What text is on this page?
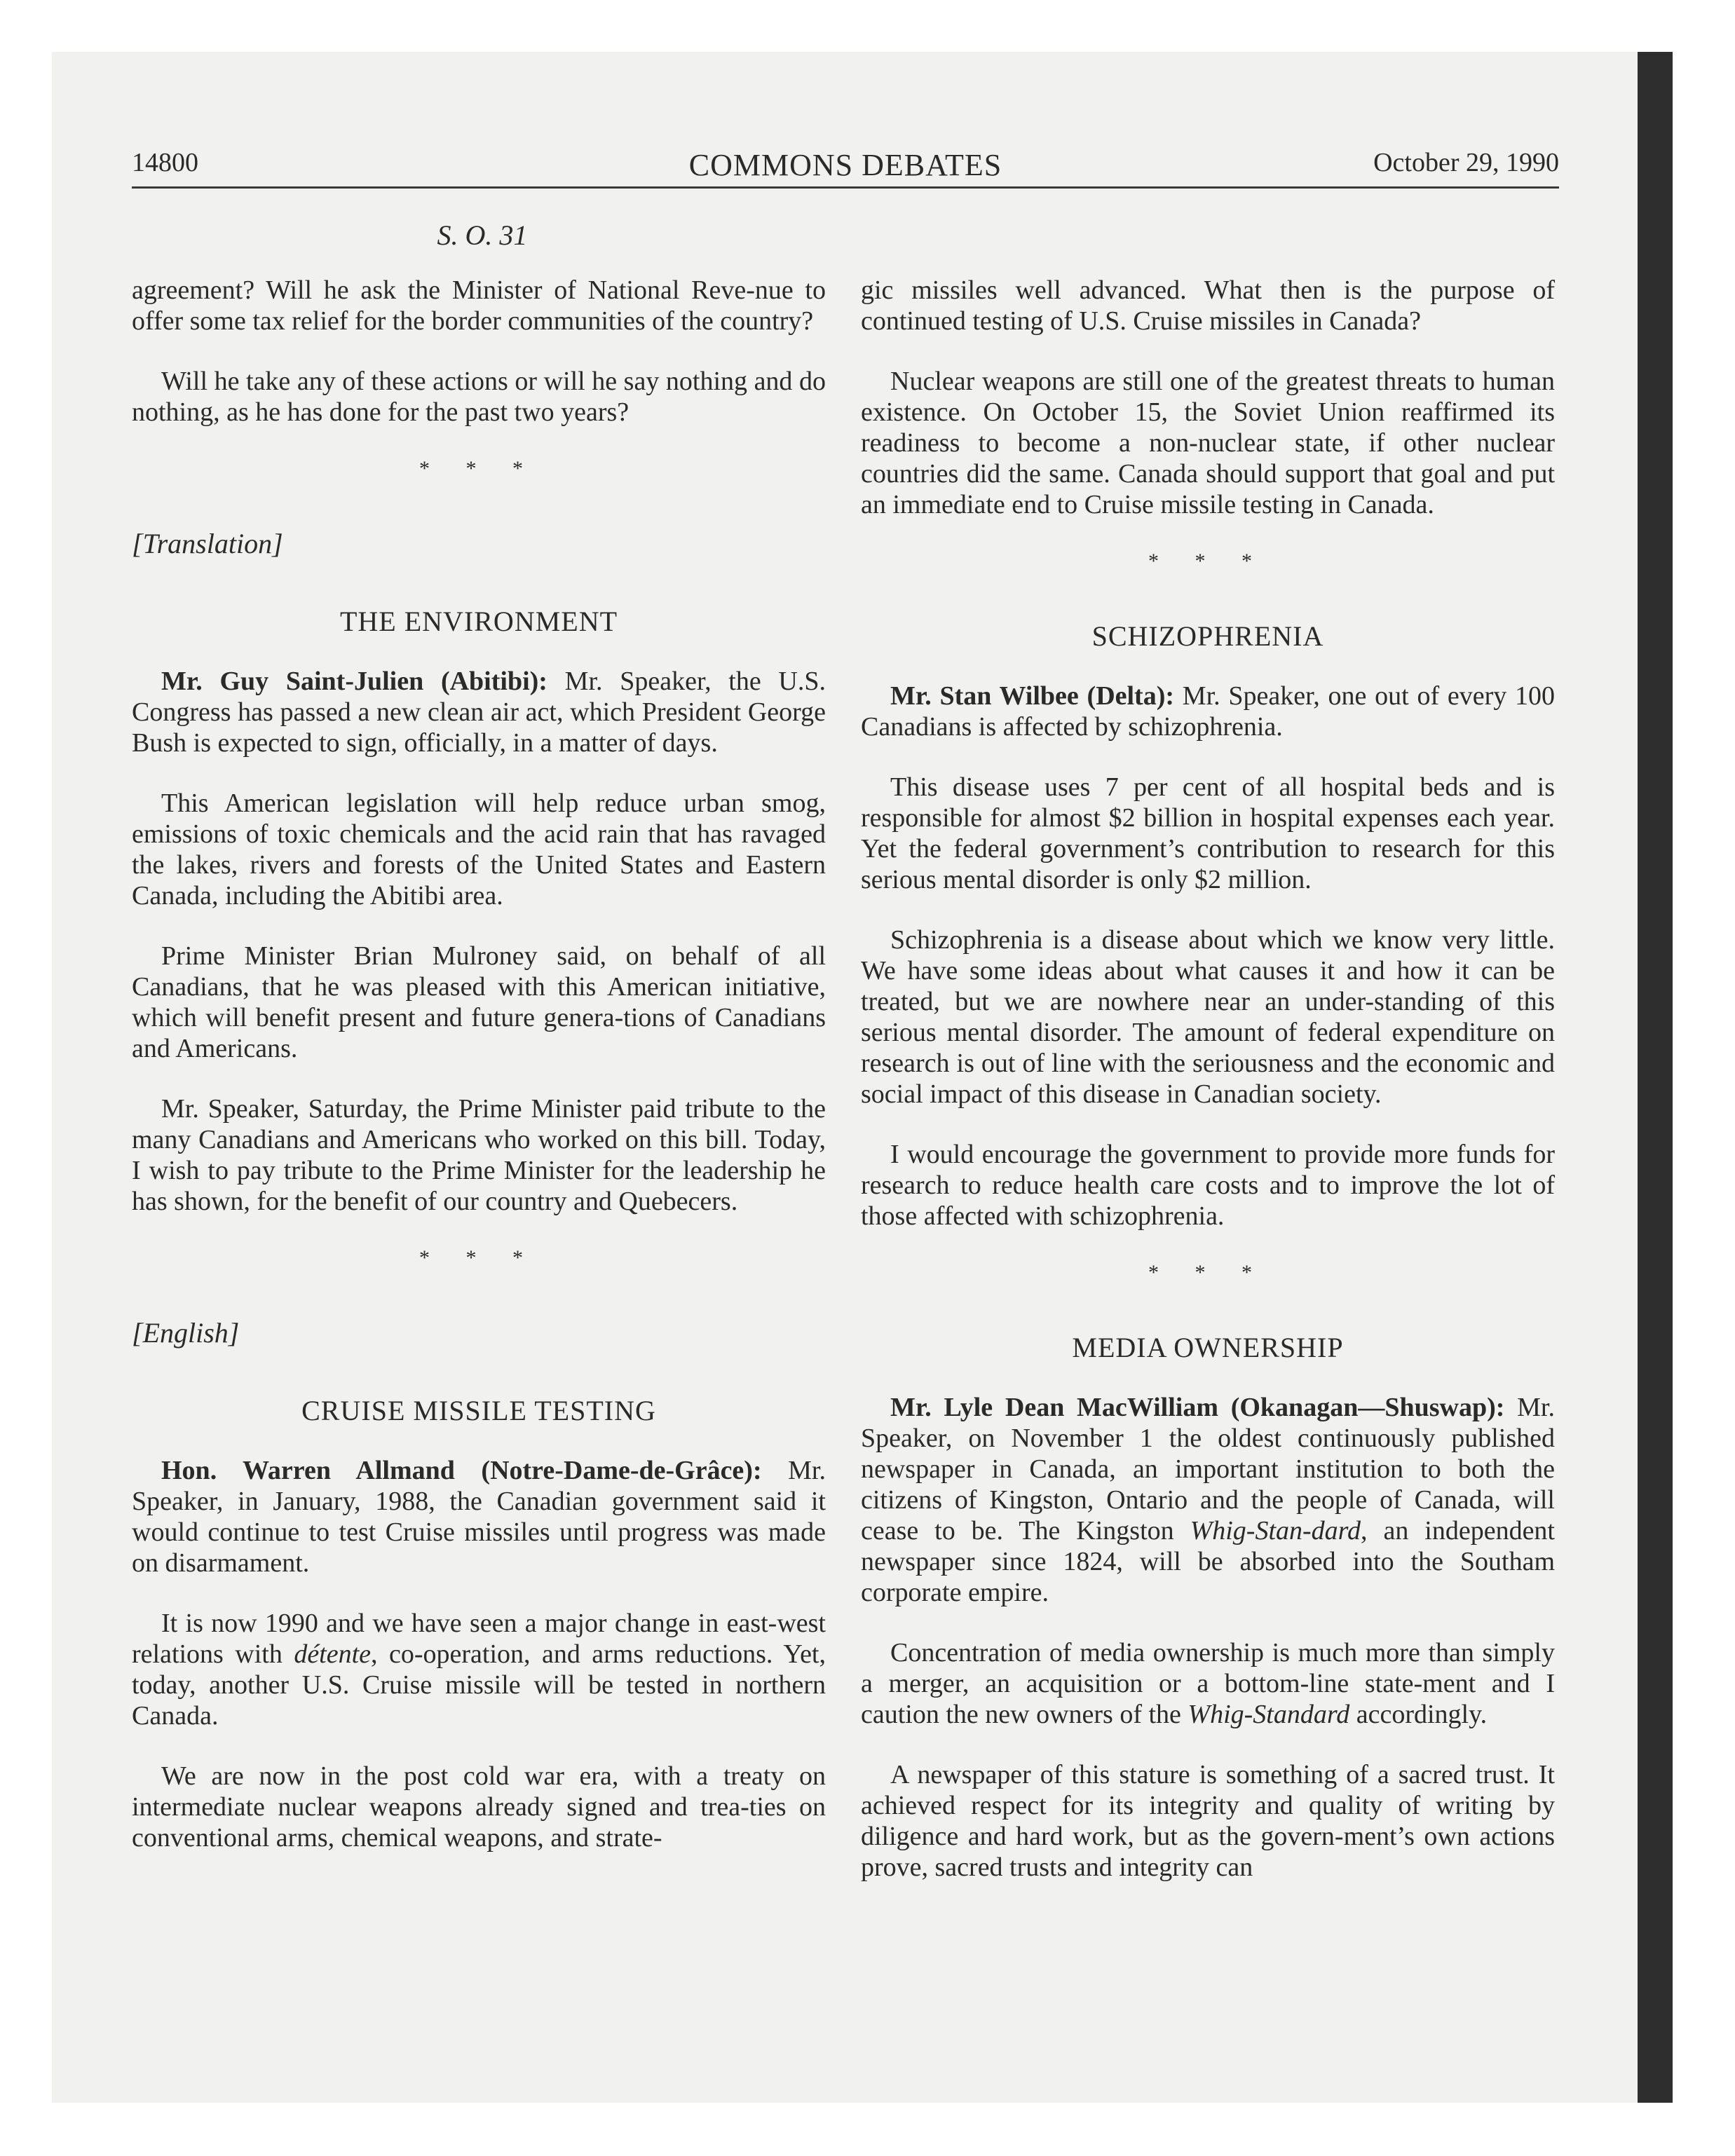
14800	COMMONS DEBATES	October 29, 1990
S. O. 31

agreement? Will he ask the Minister of National Reve-nue to offer some tax relief for the border communities of the country?

Will he take any of these actions or will he say nothing and do nothing, as he has done for the past two years?

* * *
[Translation]
THE ENVIRONMENT

Mr. Guy Saint-Julien (Abitibi): Mr. Speaker, the U.S. Congress has passed a new clean air act, which President George Bush is expected to sign, officially, in a matter of days.

This American legislation will help reduce urban smog, emissions of toxic chemicals and the acid rain that has ravaged the lakes, rivers and forests of the United States and Eastern Canada, including the Abitibi area.

Prime Minister Brian Mulroney said, on behalf of all Canadians, that he was pleased with this American initiative, which will benefit present and future genera-tions of Canadians and Americans.

Mr. Speaker, Saturday, the Prime Minister paid tribute to the many Canadians and Americans who worked on this bill. Today, I wish to pay tribute to the Prime Minister for the leadership he has shown, for the benefit of our country and Quebecers.

* * *
[English]
CRUISE MISSILE TESTING

Hon. Warren Allmand (Notre-Dame-de-Grâce): Mr. Speaker, in January, 1988, the Canadian government said it would continue to test Cruise missiles until progress was made on disarmament.

It is now 1990 and we have seen a major change in east-west relations with détente, co-operation, and arms reductions. Yet, today, another U.S. Cruise missile will be tested in northern Canada.

We are now in the post cold war era, with a treaty on intermediate nuclear weapons already signed and trea-ties on conventional arms, chemical weapons, and strate-

gic missiles well advanced. What then is the purpose of continued testing of U.S. Cruise missiles in Canada?

Nuclear weapons are still one of the greatest threats to human existence. On October 15, the Soviet Union reaffirmed its readiness to become a non-nuclear state, if other nuclear countries did the same. Canada should support that goal and put an immediate end to Cruise missile testing in Canada.

* * *
SCHIZOPHRENIA

Mr. Stan Wilbee (Delta): Mr. Speaker, one out of every 100 Canadians is affected by schizophrenia.

This disease uses 7 per cent of all hospital beds and is responsible for almost $2 billion in hospital expenses each year. Yet the federal government’s contribution to research for this serious mental disorder is only $2 million.

Schizophrenia is a disease about which we know very little. We have some ideas about what causes it and how it can be treated, but we are nowhere near an under-standing of this serious mental disorder. The amount of federal expenditure on research is out of line with the seriousness and the economic and social impact of this disease in Canadian society.

I would encourage the government to provide more funds for research to reduce health care costs and to improve the lot of those affected with schizophrenia.

* * *
MEDIA OWNERSHIP

Mr. Lyle Dean MacWilliam (Okanagan—Shuswap): Mr. Speaker, on November 1 the oldest continuously published newspaper in Canada, an important institution to both the citizens of Kingston, Ontario and the people of Canada, will cease to be. The Kingston Whig-Stan-dard, an independent newspaper since 1824, will be absorbed into the Southam corporate empire.

Concentration of media ownership is much more than simply a merger, an acquisition or a bottom-line state-ment and I caution the new owners of the Whig-Standard accordingly.

A newspaper of this stature is something of a sacred trust. It achieved respect for its integrity and quality of writing by diligence and hard work, but as the govern-ment’s own actions prove, sacred trusts and integrity can
